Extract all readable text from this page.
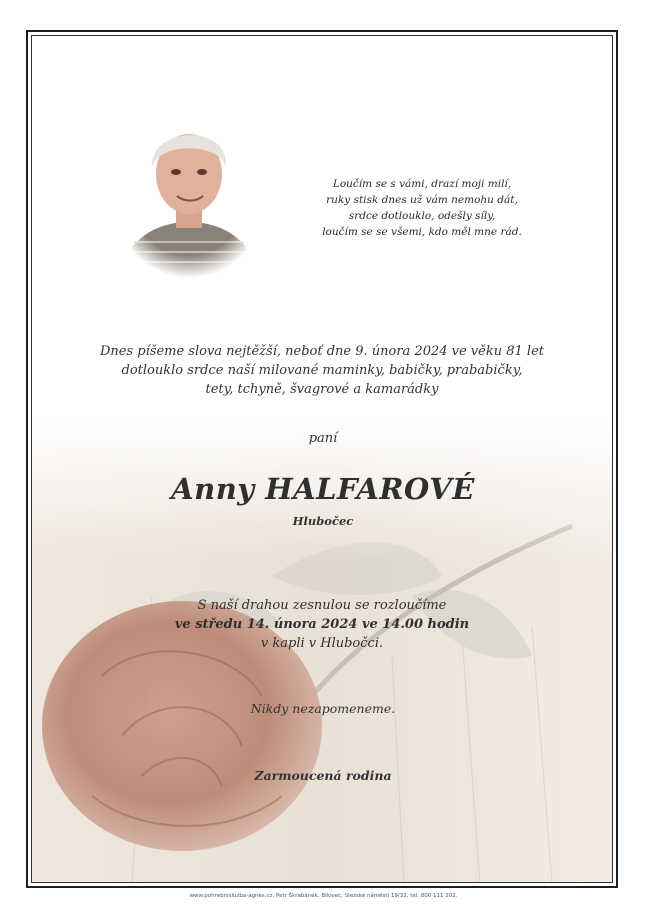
Loučím se s vámi, drazí moji milí,
ruky stisk dnes už vám nemohu dát,
srdce dotlouklo, odešly síly,
loučím se se všemi, kdo měl mne rád.
Dnes píšeme slova nejtěžší, neboť dne 9. února 2024 ve věku 81 let
dotlouklo srdce naší milované maminky, babičky, prababičky,
tety, tchyně, švagrové a kamarádky
paní
Anny HALFAROVÉ
Hlubočec
S naší drahou zesnulou se rozloučíme
ve středu 14. února 2024 ve 14.00 hodin
v kapli v Hlubočci.
Nikdy nezapomeneme.
Zarmoucená rodina
www.pohrebnisluzba-agnes.cz, Petr Škrabánek, Bílovec, Slezské náměstí 19/32, tel. 800 111 202.
